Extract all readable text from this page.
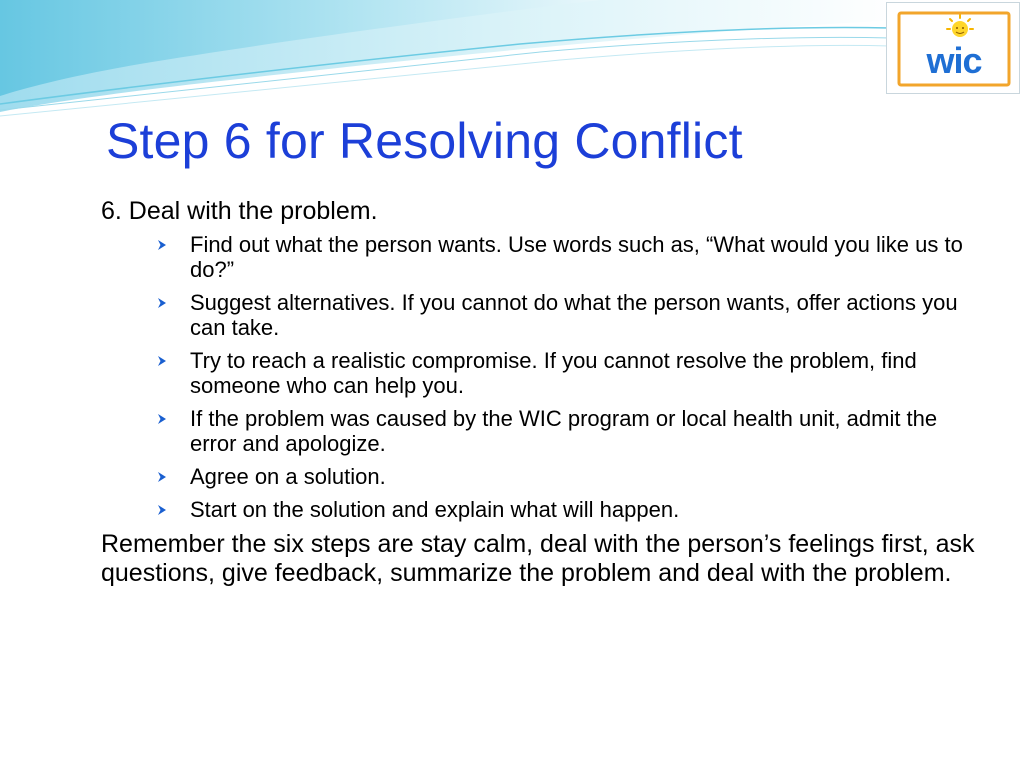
wic
Step 6 for Resolving Conflict

6. Deal with the problem.

Find out what the person wants. Use words such as, “What would you like us to do?”
Suggest alternatives. If you cannot do what the person wants, offer actions you can take.
Try to reach a realistic compromise. If you cannot resolve the problem, find someone who can help you.
If the problem was caused by the WIC program or local health unit, admit the error and apologize.
Agree on a solution.
Start on the solution and explain what will happen.

Remember the six steps are stay calm, deal with the person’s feelings first, ask questions, give feedback, summarize the problem and deal with the problem.
